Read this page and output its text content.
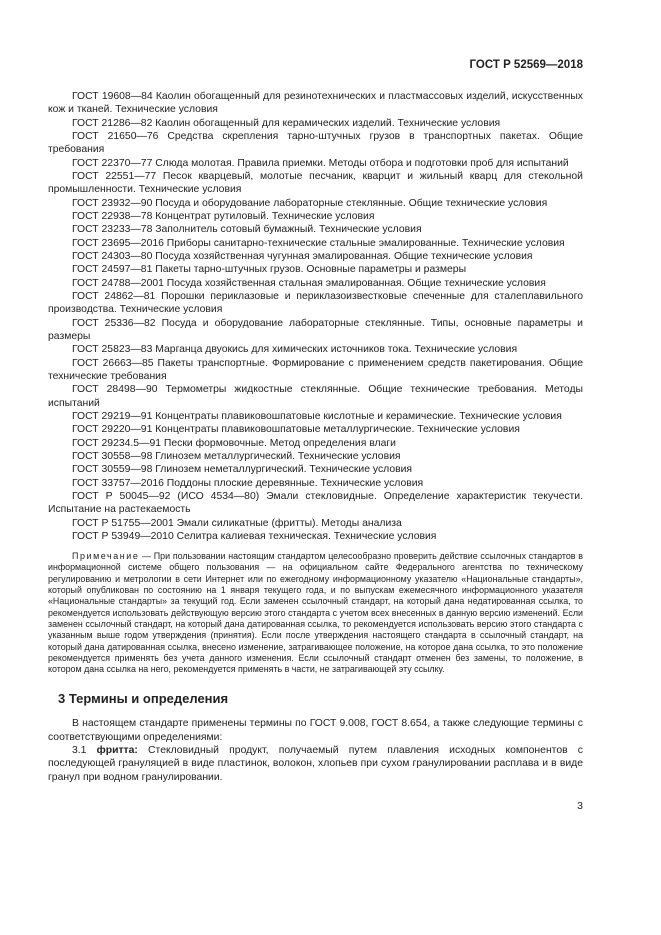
ГОСТ Р 52569—2018

ГОСТ 19608—84 Каолин обогащенный для резинотехнических и пластмассовых изделий, искусственных кож и тканей. Технические условия

ГОСТ 21286—82 Каолин обогащенный для керамических изделий. Технические условия

ГОСТ 21650—76 Средства скрепления тарно-штучных грузов в транспортных пакетах. Общие требования

ГОСТ 22370—77 Слюда молотая. Правила приемки. Методы отбора и подготовки проб для испытаний

ГОСТ 22551—77 Песок кварцевый, молотые песчаник, кварцит и жильный кварц для стекольной промышленности. Технические условия

ГОСТ 23932—90 Посуда и оборудование лабораторные стеклянные. Общие технические условия

ГОСТ 22938—78 Концентрат рутиловый. Технические условия

ГОСТ 23233—78 Заполнитель сотовый бумажный. Технические условия

ГОСТ 23695—2016 Приборы санитарно-технические стальные эмалированные. Технические условия

ГОСТ 24303—80 Посуда хозяйственная чугунная эмалированная. Общие технические условия

ГОСТ 24597—81 Пакеты тарно-штучных грузов. Основные параметры и размеры

ГОСТ 24788—2001 Посуда хозяйственная стальная эмалированная. Общие технические условия

ГОСТ 24862—81 Порошки периклазовые и периклазоизвестковые спеченные для сталеплавильного производства. Технические условия

ГОСТ 25336—82 Посуда и оборудование лабораторные стеклянные. Типы, основные параметры и размеры

ГОСТ 25823—83 Марганца двуокись для химических источников тока. Технические условия

ГОСТ 26663—85 Пакеты транспортные. Формирование с применением средств пакетирования. Общие технические требования

ГОСТ 28498—90 Термометры жидкостные стеклянные. Общие технические требования. Методы испытаний

ГОСТ 29219—91 Концентраты плавиковошпатовые кислотные и керамические. Технические условия

ГОСТ 29220—91 Концентраты плавиковошпатовые металлургические. Технические условия

ГОСТ 29234.5—91 Пески формовочные. Метод определения влаги

ГОСТ 30558—98 Глинозем металлургический. Технические условия

ГОСТ 30559—98 Глинозем неметаллургический. Технические условия

ГОСТ 33757—2016 Поддоны плоские деревянные. Технические условия

ГОСТ Р 50045—92 (ИСО 4534—80) Эмали стекловидные. Определение характеристик текучести. Испытание на растекаемость

ГОСТ Р 51755—2001 Эмали силикатные (фритты). Методы анализа

ГОСТ Р 53949—2010 Селитра калиевая техническая. Технические условия

Примечание — При пользовании настоящим стандартом целесообразно проверить действие ссылочных стандартов в информационной системе общего пользования — на официальном сайте Федерального агентства по техническому регулированию и метрологии в сети Интернет или по ежегодному информационному указателю «Национальные стандарты», который опубликован по состоянию на 1 января текущего года, и по выпускам ежемесячного информационного указателя «Национальные стандарты» за текущий год. Если заменен ссылочный стандарт, на который дана недатированная ссылка, то рекомендуется использовать действующую версию этого стандарта с учетом всех внесенных в данную версию изменений. Если заменен ссылочный стандарт, на который дана датированная ссылка, то рекомендуется использовать версию этого стандарта с указанным выше годом утверждения (принятия). Если после утверждения настоящего стандарта в ссылочный стандарт, на который дана датированная ссылка, внесено изменение, затрагивающее положение, на которое дана ссылка, то это положение рекомендуется применять без учета данного изменения. Если ссылочный стандарт отменен без замены, то положение, в котором дана ссылка на него, рекомендуется применять в части, не затрагивающей эту ссылку.

3 Термины и определения

В настоящем стандарте применены термины по ГОСТ 9.008, ГОСТ 8.654, а также следующие термины с соответствующими определениями:

3.1 фритта: Стекловидный продукт, получаемый путем плавления исходных компонентов с последующей грануляцией в виде пластинок, волокон, хлопьев при сухом гранулировании расплава и в виде гранул при водном гранулировании.

3
